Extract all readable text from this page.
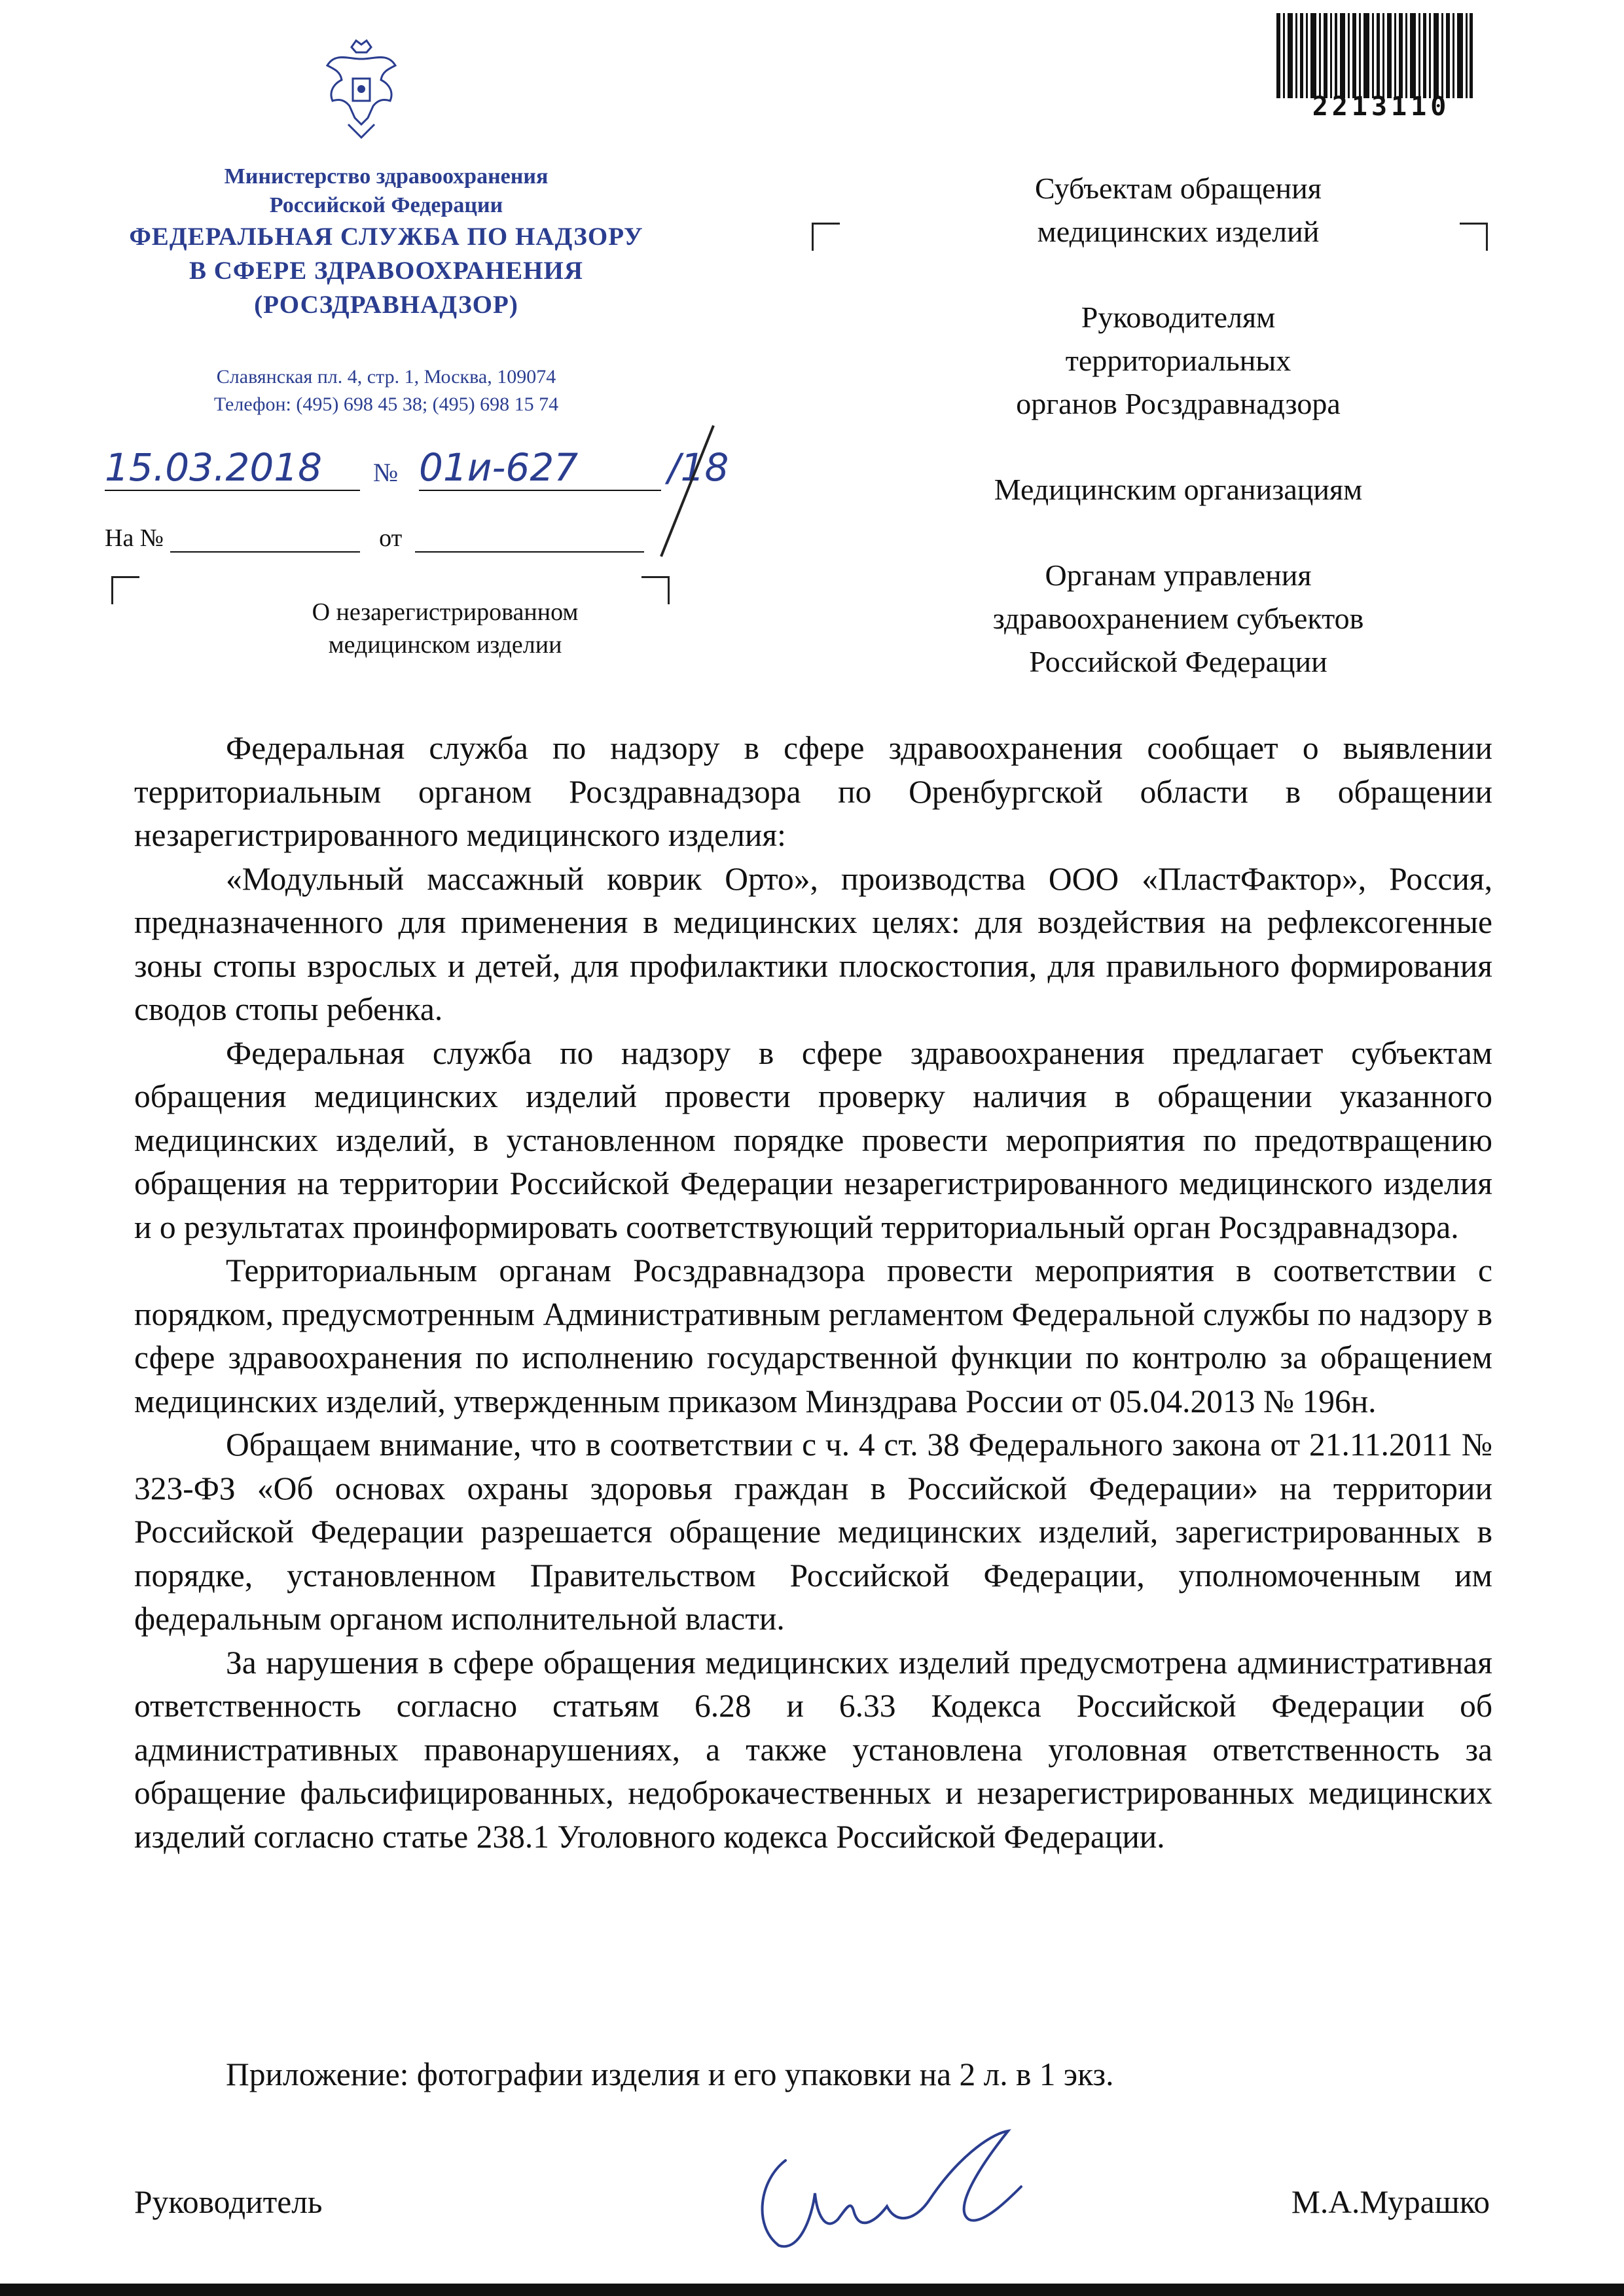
Министерство здравоохранения
Российской Федерации
ФЕДЕРАЛЬНАЯ СЛУЖБА ПО НАДЗОРУ
В СФЕРЕ ЗДРАВООХРАНЕНИЯ
(РОСЗДРАВНАДЗОР)
Славянская пл. 4, стр. 1, Москва, 109074
Телефон: (495) 698 45 38; (495) 698 15 74
15.03.2018	№ 01и-627	/18
На №	от
О незарегистрированном
медицинском изделии
2213110
Субъектам обращения
медицинских изделий
Руководителям
территориальных
органов Росздравнадзора
Медицинским организациям
Органам управления
здравоохранением субъектов
Российской Федерации

Федеральная служба по надзору в сфере здравоохранения сообщает о выявлении территориальным органом Росздравнадзора по Оренбургской области в обращении незарегистрированного медицинского изделия:

«Модульный массажный коврик Орто», производства ООО «ПластФактор», Россия, предназначенного для применения в медицинских целях: для воздействия на рефлексогенные зоны стопы взрослых и детей, для профилактики плоскостопия, для правильного формирования сводов стопы ребенка.

Федеральная служба по надзору в сфере здравоохранения предлагает субъектам обращения медицинских изделий провести проверку наличия в обращении указанного медицинских изделий, в установленном порядке провести мероприятия по предотвращению обращения на территории Российской Федерации незарегистрированного медицинского изделия и о результатах проинформировать соответствующий территориальный орган Росздравнадзора.

Территориальным органам Росздравнадзора провести мероприятия в соответствии с порядком, предусмотренным Административным регламентом Федеральной службы по надзору в сфере здравоохранения по исполнению государственной функции по контролю за обращением медицинских изделий, утвержденным приказом Минздрава России от 05.04.2013 № 196н.

Обращаем внимание, что в соответствии с ч. 4 ст. 38 Федерального закона от 21.11.2011 № 323-ФЗ «Об основах охраны здоровья граждан в Российской Федерации» на территории Российской Федерации разрешается обращение медицинских изделий, зарегистрированных в порядке, установленном Правительством Российской Федерации, уполномоченным им федеральным органом исполнительной власти.

За нарушения в сфере обращения медицинских изделий предусмотрена административная ответственность согласно статьям 6.28 и 6.33 Кодекса Российской Федерации об административных правонарушениях, а также установлена уголовная ответственность за обращение фальсифицированных, недоброкачественных и незарегистрированных медицинских изделий согласно статье 238.1 Уголовного кодекса Российской Федерации.

Приложение: фотографии изделия и его упаковки на 2 л. в 1 экз.
Руководитель	М.А.Мурашко
